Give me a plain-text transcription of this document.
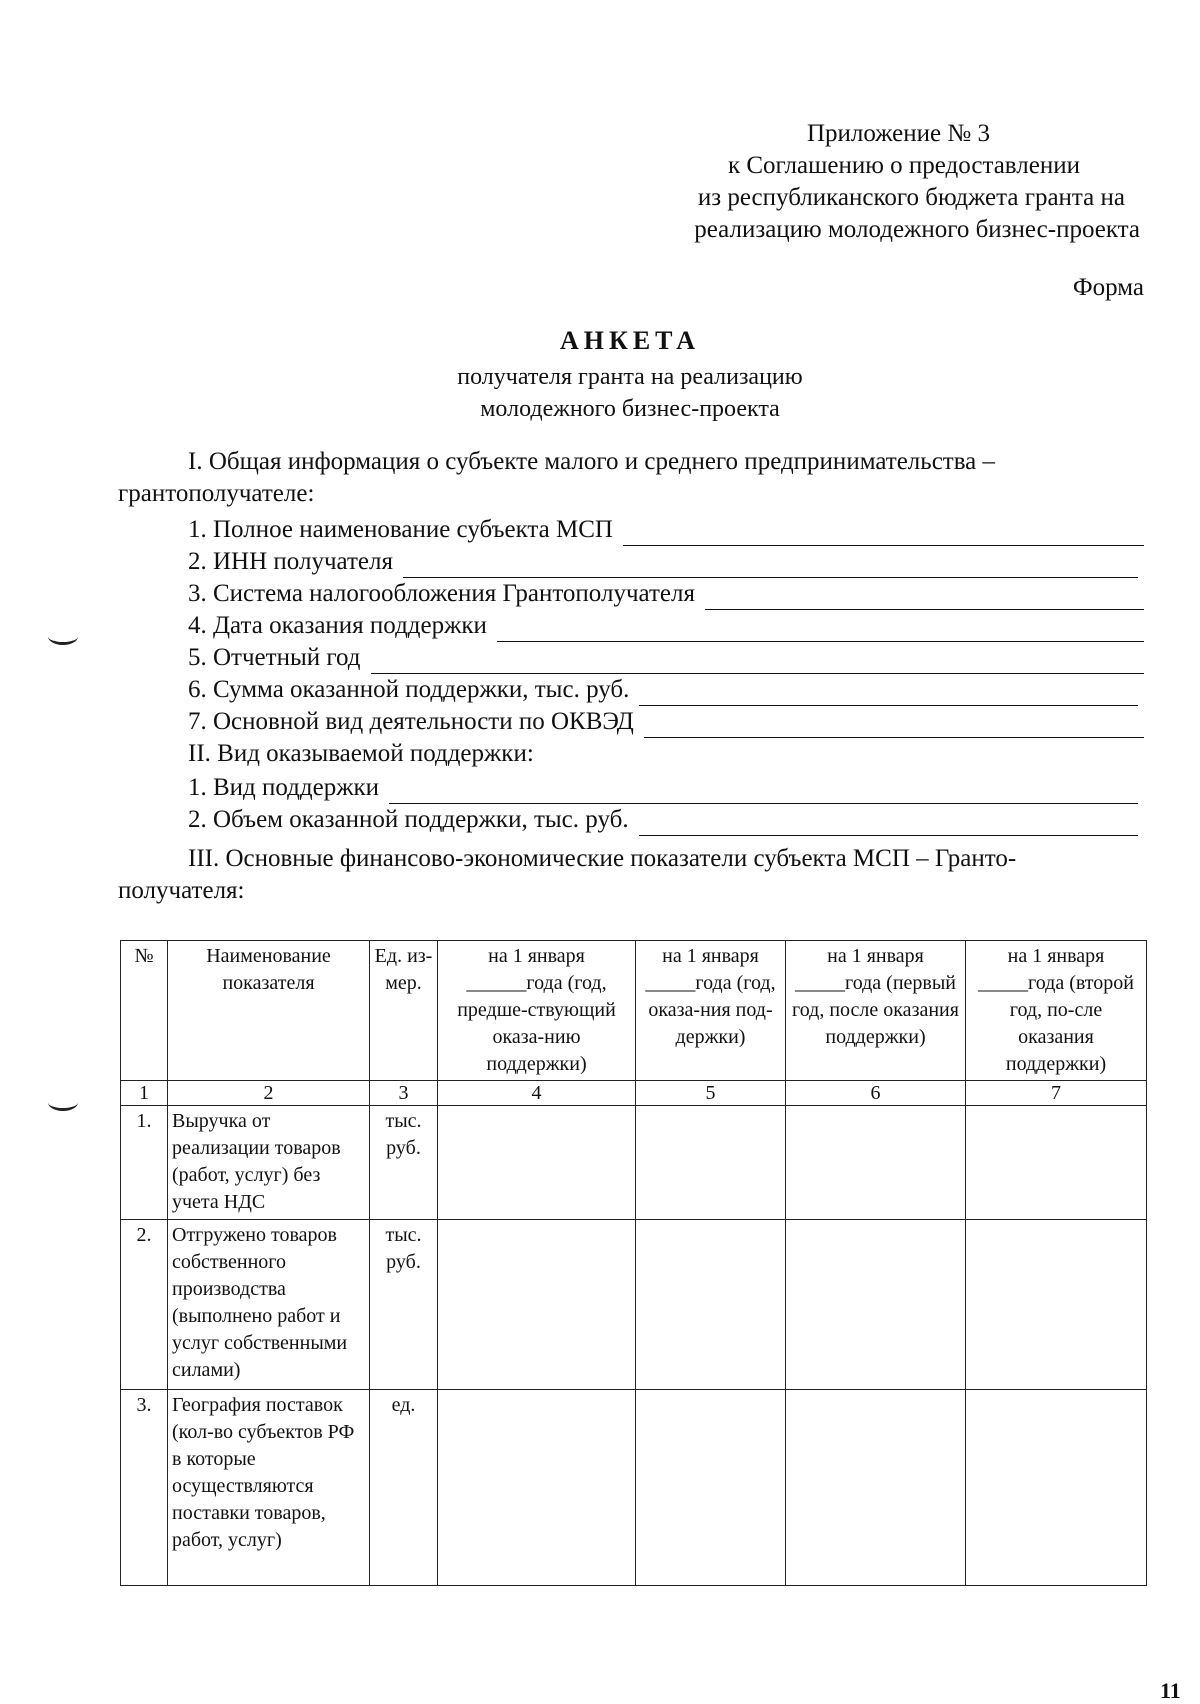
Приложение № 3
к Соглашению о предоставлении
из республиканского бюджета гранта на
реализацию молодежного бизнес-проекта
Форма
АНКЕТА
получателя гранта на реализацию
молодежного бизнес-проекта
I. Общая информация о субъекте малого и среднего предпринимательства –
грантополучателе:
1. Полное наименование субъекта МСП
2. ИНН получателя
3. Система налогообложения Грантополучателя
4. Дата оказания поддержки
5. Отчетный год
6. Сумма оказанной поддержки, тыс. руб.
7. Основной вид деятельности по ОКВЭД
II. Вид оказываемой поддержки:
1. Вид поддержки
2. Объем оказанной поддержки, тыс. руб.
III. Основные финансово-экономические показатели субъекта МСП – Гранто-
получателя:
№	Наименование показателя	Ед. из-мер.	на 1 января ______года (год, предше-ствующий оказа-нию поддержки)	на 1 января _____года (год, оказа-ния под-держки)	на 1 января _____года (первый год, после оказания поддержки)	на 1 января _____года (второй год, по-сле оказания поддержки)
1	2	3	4	5	6	7
1.	Выручка от реализации товаров (работ, услуг) без учета НДС	тыс. руб.				
2.	Отгружено товаров собственного производства (выполнено работ и услуг собственными силами)	тыс. руб.				
3.	География поставок (кол-во субъектов РФ в которые осуществляются поставки товаров, работ, услуг)	ед.				
11
